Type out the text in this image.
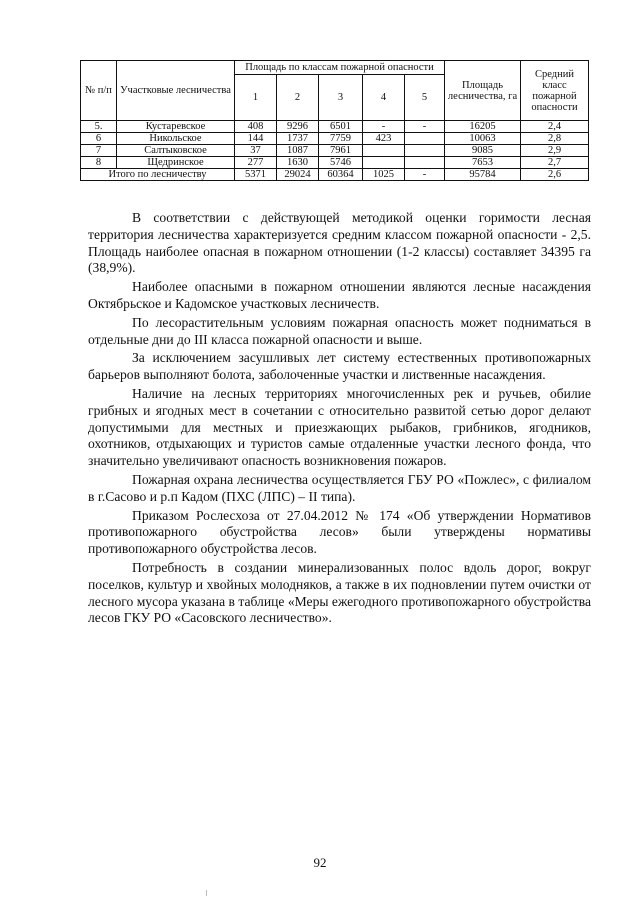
№ п/п	Участковые лесничества	Площадь по классам пожарной опасности					Площадь лесничества, га	Средний класс пожарной опасности
		1	2	3	4	5		
5.	Кустаревское	408	9296	6501	-	-	16205	2,4
6	Никольское	144	1737	7759	423		10063	2,8
7	Салтыковское	37	1087	7961			9085	2,9
8	Щедринское	277	1630	5746			7653	2,7
Итого по лесничеству		5371	29024	60364	1025	-	95784	2,6

В соответствии с действующей методикой оценки горимости лесная территория лесничества характеризуется средним классом пожарной опасности - 2,5. Площадь наиболее опасная в пожарном отношении (1-2 классы) составляет 34395 га (38,9%).

Наиболее опасными в пожарном отношении являются лесные насаждения Октябрьское и Кадомское участковых лесничеств.

По лесорастительным условиям пожарная опасность может подниматься в отдельные дни до III класса пожарной опасности и выше.

За исключением засушливых лет систему естественных противопожарных барьеров выполняют болота, заболоченные участки и лиственные насаждения.

Наличие на лесных территориях многочисленных рек и ручьев, обилие грибных и ягодных мест в сочетании с относительно развитой сетью дорог делают допустимыми для местных и приезжающих рыбаков, грибников, ягодников, охотников, отдыхающих и туристов самые отдаленные участки лесного фонда, что значительно увеличивают опасность возникновения пожаров.

Пожарная охрана лесничества осуществляется ГБУ РО «Пожлес», с филиалом в г.Сасово и р.п Кадом (ПХС (ЛПС) – II типа).

Приказом Рослесхоза от 27.04.2012 № 174 «Об утверждении Нормативов противопожарного обустройства лесов» были утверждены нормативы противопожарного обустройства лесов.

Потребность в создании минерализованных полос вдоль дорог, вокруг поселков, культур и хвойных молодняков, а также в их подновлении путем очистки от лесного мусора указана в таблице «Меры ежегодного противопожарного обустройства лесов ГКУ РО «Сасовского лесничество».

92
